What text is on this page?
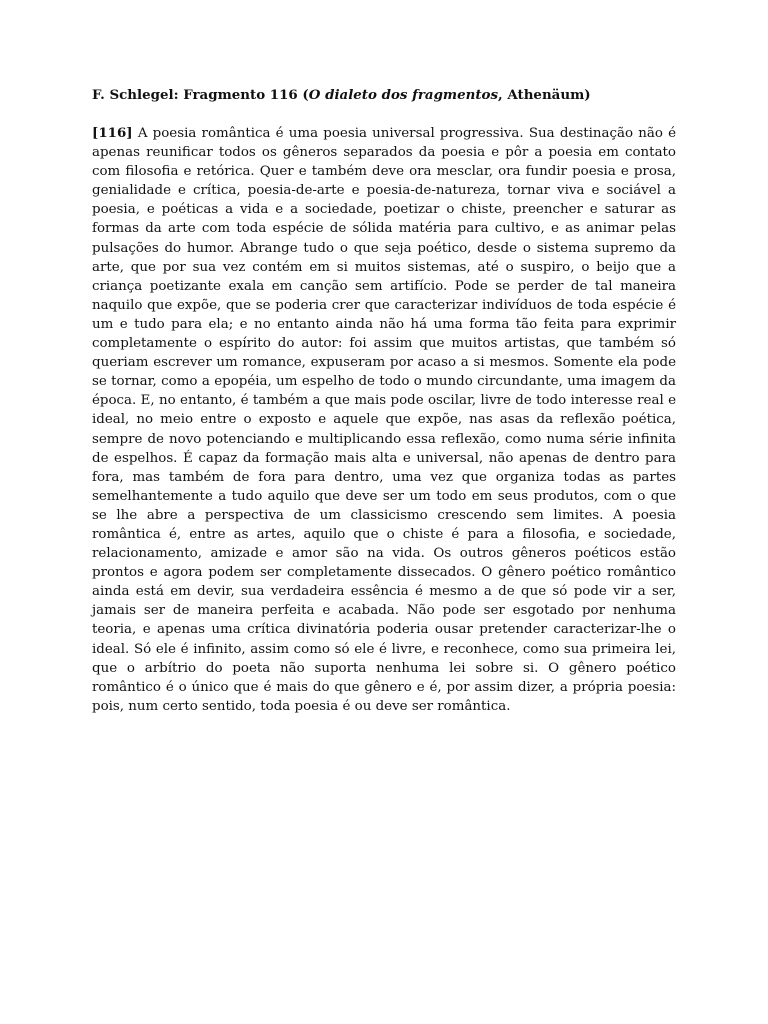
F. Schlegel: Fragmento 116 (O dialeto dos fragmentos, Athenäum)

[116] A poesia romântica é uma poesia universal progressiva. Sua destinação não é apenas reunificar todos os gêneros separados da poesia e pôr a poesia em contato com filosofia e retórica. Quer e também deve ora mesclar, ora fundir poesia e prosa, genialidade e crítica, poesia-de-arte e poesia-de-natureza, tornar viva e sociável a poesia, e poéticas a vida e a sociedade, poetizar o chiste, preencher e saturar as formas da arte com toda espécie de sólida matéria para cultivo, e as animar pelas pulsações do humor. Abrange tudo o que seja poético, desde o sistema supremo da arte, que por sua vez contém em si muitos sistemas, até o suspiro, o beijo que a criança poetizante exala em canção sem artifício. Pode se perder de tal maneira naquilo que expõe, que se poderia crer que caracterizar indivíduos de toda espécie é um e tudo para ela; e no entanto ainda não há uma forma tão feita para exprimir completamente o espírito do autor: foi assim que muitos artistas, que também só queriam escrever um romance, expuseram por acaso a si mesmos. Somente ela pode se tornar, como a epopéia, um espelho de todo o mundo circundante, uma imagem da época. E, no entanto, é também a que mais pode oscilar, livre de todo interesse real e ideal, no meio entre o exposto e aquele que expõe, nas asas da reflexão poética, sempre de novo potenciando e multiplicando essa reflexão, como numa série infinita de espelhos. É capaz da formação mais alta e universal, não apenas de dentro para fora, mas também de fora para dentro, uma vez que organiza todas as partes semelhantemente a tudo aquilo que deve ser um todo em seus produtos, com o que se lhe abre a perspectiva de um classicismo crescendo sem limites. A poesia romântica é, entre as artes, aquilo que o chiste é para a filosofia, e sociedade, relacionamento, amizade e amor são na vida. Os outros gêneros poéticos estão prontos e agora podem ser completamente dissecados. O gênero poético romântico ainda está em devir, sua verdadeira essência é mesmo a de que só pode vir a ser, jamais ser de maneira perfeita e acabada. Não pode ser esgotado por nenhuma teoria, e apenas uma crítica divinatória poderia ousar pretender caracterizar-lhe o ideal. Só ele é infinito, assim como só ele é livre, e reconhece, como sua primeira lei, que o arbítrio do poeta não suporta nenhuma lei sobre si. O gênero poético romântico é o único que é mais do que gênero e é, por assim dizer, a própria poesia: pois, num certo sentido, toda poesia é ou deve ser romântica.
